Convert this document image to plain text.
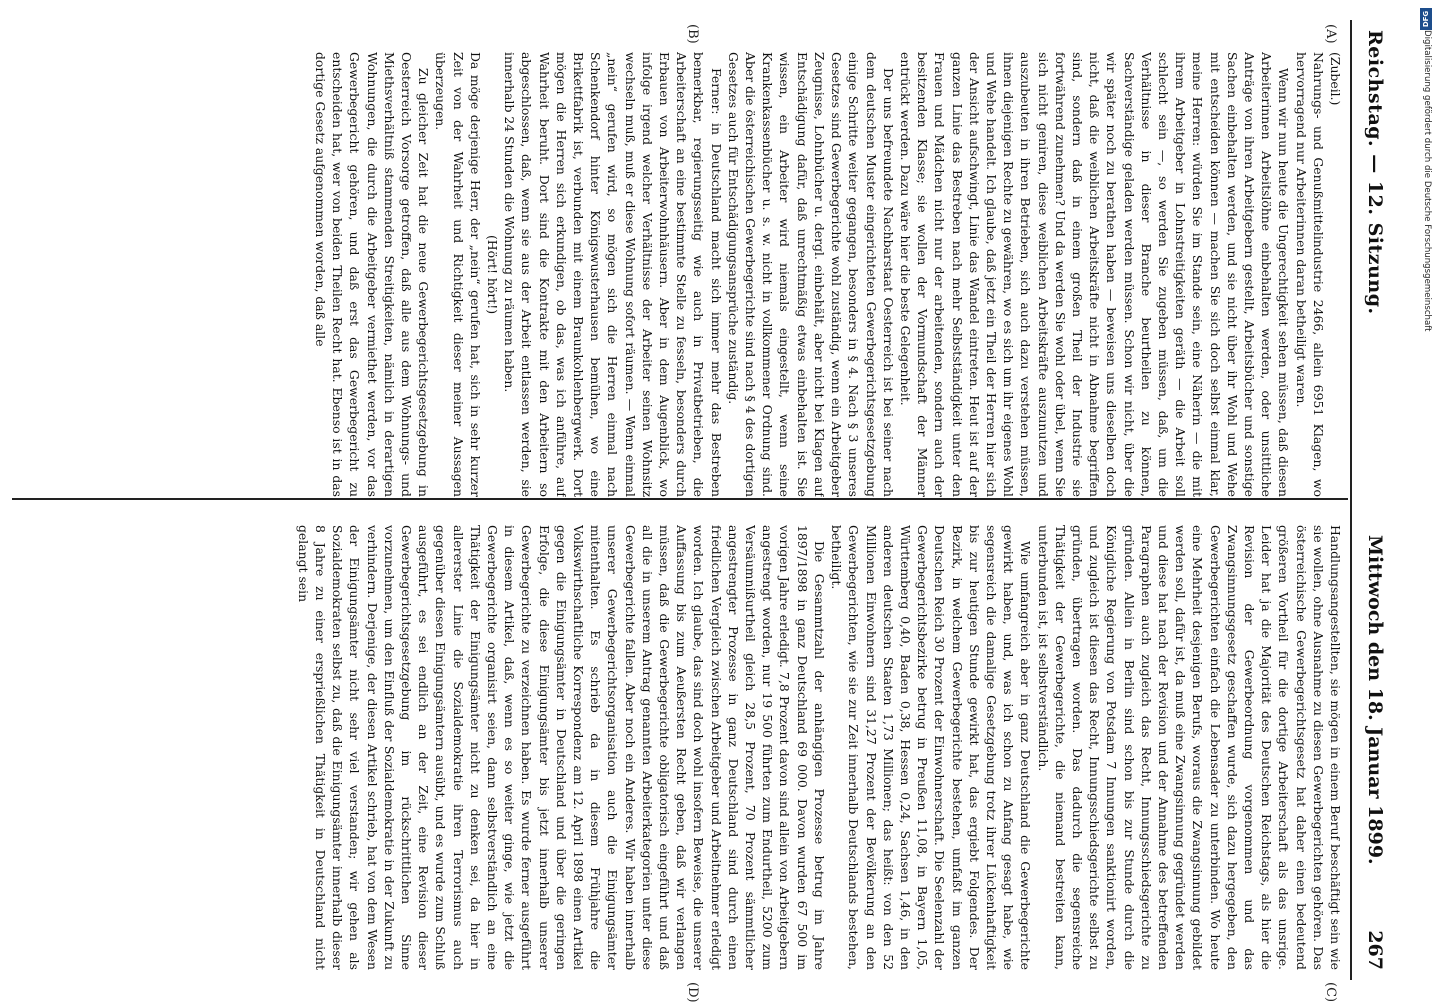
Reichstag. — 12. Sitzung.
Mittwoch den 18. Januar 1899.
267
(A)
(B)
(C)
(D)

(Zubeil.)

Nahrungs- und Genußmittelindustrie 2466, allein 6951 Klagen, wo hervorragend nur Arbeiterinnen daran betheiligt waren.

Wenn wir nun heute die Ungerechtigkeit sehen müssen, daß diesen Arbeiterinnen Arbeitslöhne einbehalten werden, oder unsittliche Anträge von ihren Arbeitgebern gestellt, Arbeitsbücher und sonstige Sachen einbehalten werden, und sie nicht über ihr Wohl und Wehe mit entscheiden können — machen Sie sich doch selbst einmal klar, meine Herren: würden Sie im Stande sein, eine Näherin — die mit ihrem Arbeitgeber in Lohnstreitigkeiten geräth — die Arbeit soll schlecht sein —, so werden Sie zugeben müssen, daß, um die Verhältnisse in dieser Branche beurtheilen zu können, Sachverständige geladen werden müssen. Schon wir nicht, über die wir später noch zu berathen haben — beweisen uns dieselben doch nicht, daß die weiblichen Arbeitskräfte nicht in Abnahme begriffen sind, sondern daß in einem großen Theil der Industrie sie fortwährend zunehmen? Und da werden Sie wohl oder übel, wenn Sie sich nicht geniren, diese weiblichen Arbeitskräfte auszunutzen und auszubeuten in ihren Betrieben, sich auch dazu verstehen müssen, ihnen diejenigen Rechte zu gewähren, wo es sich um ihr eigenes Wohl und Wehe handelt. Ich glaube, daß jetzt ein Theil der Herren hier sich der Ansicht aufschwingt, Linie das Wandel eintreten. Heut ist auf der ganzen Linie das Bestreben nach mehr Selbstständigkeit unter den Frauen und Mädchen nicht nur der arbeitenden, sondern auch der besitzenden Klasse; sie wollen der Vormundschaft der Männer entrückt werden. Dazu wäre hier die beste Gelegenheit.

Der uns befreundete Nachbarstaat Oesterreich ist bei seiner nach dem deutschen Muster eingerichteten Gewerbegerichtsgesetzgebung einige Schritte weiter gegangen, besonders in § 4. Nach § 3 unseres Gesetzes sind Gewerbegerichte wohl zuständig, wenn ein Arbeitgeber Zeugnisse, Lohnbücher u. dergl. einbehält, aber nicht bei Klagen auf Entschädigung dafür, daß unrechtmäßig etwas einbehalten ist. Sie wissen, ein Arbeiter wird niemals eingestellt, wenn seine Krankenkassenbücher u. s. w. nicht in vollkommener Ordnung sind. Aber die österreichischen Gewerbegerichte sind nach § 4 des dortigen Gesetzes auch für Entschädigungsansprüche zuständig.

Ferner: in Deutschland macht sich immer mehr das Bestreben bemerkbar, regierungsseitig wie auch in Privatbetrieben, die Arbeiterschaft an eine bestimmte Stelle zu fesseln, besonders durch Erbauen von Arbeiterwohnhäusern. Aber in dem Augenblick, wo infolge irgend welcher Verhältnisse der Arbeiter seinen Wohnsitz wechseln muß, muß er diese Wohnung sofort räumen. — Wenn einmal „nein“ gerufen wird, so mögen sich die Herren einmal nach Schenkendorf hinter Königswusterhausen bemühen, wo eine Brikettfabrik ist, verbunden mit einem Braunkohlenbergwerk. Dort mögen die Herren sich erkundigen, ob das, was ich anführe, auf Wahrheit beruht. Dort sind die Kontrakte mit den Arbeitern so abgeschlossen, daß, wenn sie aus der Arbeit entlassen werden, sie innerhalb 24 Stunden die Wohnung zu räumen haben.

(Hört! hört!)

Da möge derjenige Herr, der „nein“ gerufen hat, sich in sehr kurzer Zeit von der Wahrheit und Richtigkeit dieser meiner Aussagen überzeugen.

Zu gleicher Zeit hat die neue Gewerbegerichtsgesetzgebung in Oesterreich Vorsorge getroffen, daß alle aus dem Wohnungs- und Miethsverhältniß stammenden Streitigkeiten, nämlich in derartigen Wohnungen, die durch die Arbeitgeber vermiethet werden, vor das Gewerbegericht gehören, und daß erst das Gewerbegericht zu entscheiden hat, wer von beiden Theilen Recht hat. Ebenso ist in das dortige Gesetz aufgenommen worden, daß alle

Handlungsangestellten, sie mögen in einem Beruf beschäftigt sein wie sie wollen, ohne Ausnahme zu diesen Gewerbegerichten gehören. Das österreichische Gewerbegerichtsgesetz hat daher einen bedeutend größeren Vortheil für die dortige Arbeiterschaft als das unsrige. Leider hat ja die Majorität des Deutschen Reichstags, als hier die Revision der Gewerbeordnung vorgenommen und das Zwangsinnungsgesetz geschaffen wurde, sich dazu hergegeben, den Gewerbegerichten einfach die Lebensader zu unterbinden. Wo heute eine Mehrheit desjenigen Berufs, woraus die Zwangsinnung gebildet werden soll, dafür ist, da muß eine Zwangsinnung gegründet werden und diese hat nach der Revision und der Annahme des betreffenden Paragraphen auch zugleich das Recht, Innungsschiedsgerichte zu gründen. Allein in Berlin sind schon bis zur Stunde durch die Königliche Regierung von Potsdam 7 Innungen sanktionirt worden, und zugleich ist diesen das Recht, Innungsschiedsgerichte selbst zu gründen, übertragen worden. Das dadurch die segensreiche Thätigkeit der Gewerbegerichte, die niemand bestreiten kann, unterbunden ist, ist selbstverständlich.

Wie umfangreich aber in ganz Deutschland die Gewerbegerichte gewirkt haben, und, was ich schon zu Anfang gesagt habe, wie segensreich die damalige Gesetzgebung trotz ihrer Lückenhaftigkeit bis zur heutigen Stunde gewirkt hat, das ergiebt Folgendes. Der Bezirk, in welchem Gewerbegerichte bestehen, umfaßt im ganzen Deutschen Reich 30 Prozent der Einwohnerschaft. Die Seelenzahl der Gewerbegerichtsbezirke betrug in Preußen 11,08, in Bayern 1,05, Württemberg 0,40, Baden 0,38, Hessen 0,24, Sachsen 1,46, in den anderen deutschen Staaten 1,73 Millionen; das heißt: von den 52 Millionen Einwohnern sind 31,27 Prozent der Bevölkerung an den Gewerbegerichten, wie sie zur Zeit innerhalb Deutschlands bestehen, betheiligt.

Die Gesammtzahl der anhängigen Prozesse betrug im Jahre 1897/1898 in ganz Deutschland 69 000. Davon wurden 67 500 im vorigen Jahre erledigt. 7,8 Prozent davon sind allein von Arbeitgebern angestrengt worden, nur 19 500 führten zum Endurtheil, 5200 zum Versäumnißurtheil gleich 28,5 Prozent, 70 Prozent sämmtlicher angestrengter Prozesse in ganz Deutschland sind durch einen friedlichen Vergleich zwischen Arbeitgeber und Arbeitnehmer erledigt worden. Ich glaube, das sind doch wohl insofern Beweise, die unserer Auffassung bis zum Aeußersten Recht geben, daß wir verlangen müssen, daß die Gewerbegerichte obligatorisch eingeführt und daß all die in unserem Antrag genannten Arbeiterkategorien unter diese Gewerbegerichte fallen. Aber noch ein Anderes. Wir haben innerhalb unserer Gewerbegerichtsorganisation auch die Einigungsämter mitenthalten. Es schrieb da in diesem Frühjahre die Volkswirthschaftliche Korrespondenz am 12. April 1898 einen Artikel gegen die Einigungsämter in Deutschland und über die geringen Erfolge, die diese Einigungsämter bis jetzt innerhalb unserer Gewerbegerichte zu verzeichnen haben. Es wurde ferner ausgeführt in diesem Artikel, daß, wenn es so weiter ginge, wie jetzt die Gewerbegerichte organisirt seien, dann selbstverständlich an eine Thätigkeit der Einigungsämter nicht zu denken sei, da hier in allererster Linie die Sozialdemokratie ihren Terrorismus auch gegenüber diesen Einigungsämtern ausübt, und es wurde zum Schluß ausgeführt, es sei endlich an der Zeit, eine Revision dieser Gewerbegerichtsgesetzgebung im rückschrittlichen Sinne vorzunehmen, um den Einfluß der Sozialdemokratie in der Zukunft zu verhindern. Derjenige, der diesen Artikel schrieb, hat von dem Wesen der Einigungsämter nicht sehr viel verstanden; wir gehen als Sozialdemokraten selbst zu, daß die Einigungsämter innerhalb dieser 8 Jahre zu einer ersprießlichen Thätigkeit in Deutschland nicht gelangt sein

DFG
Digitalisierung gefördert durch die Deutsche Forschungsgemeinschaft
